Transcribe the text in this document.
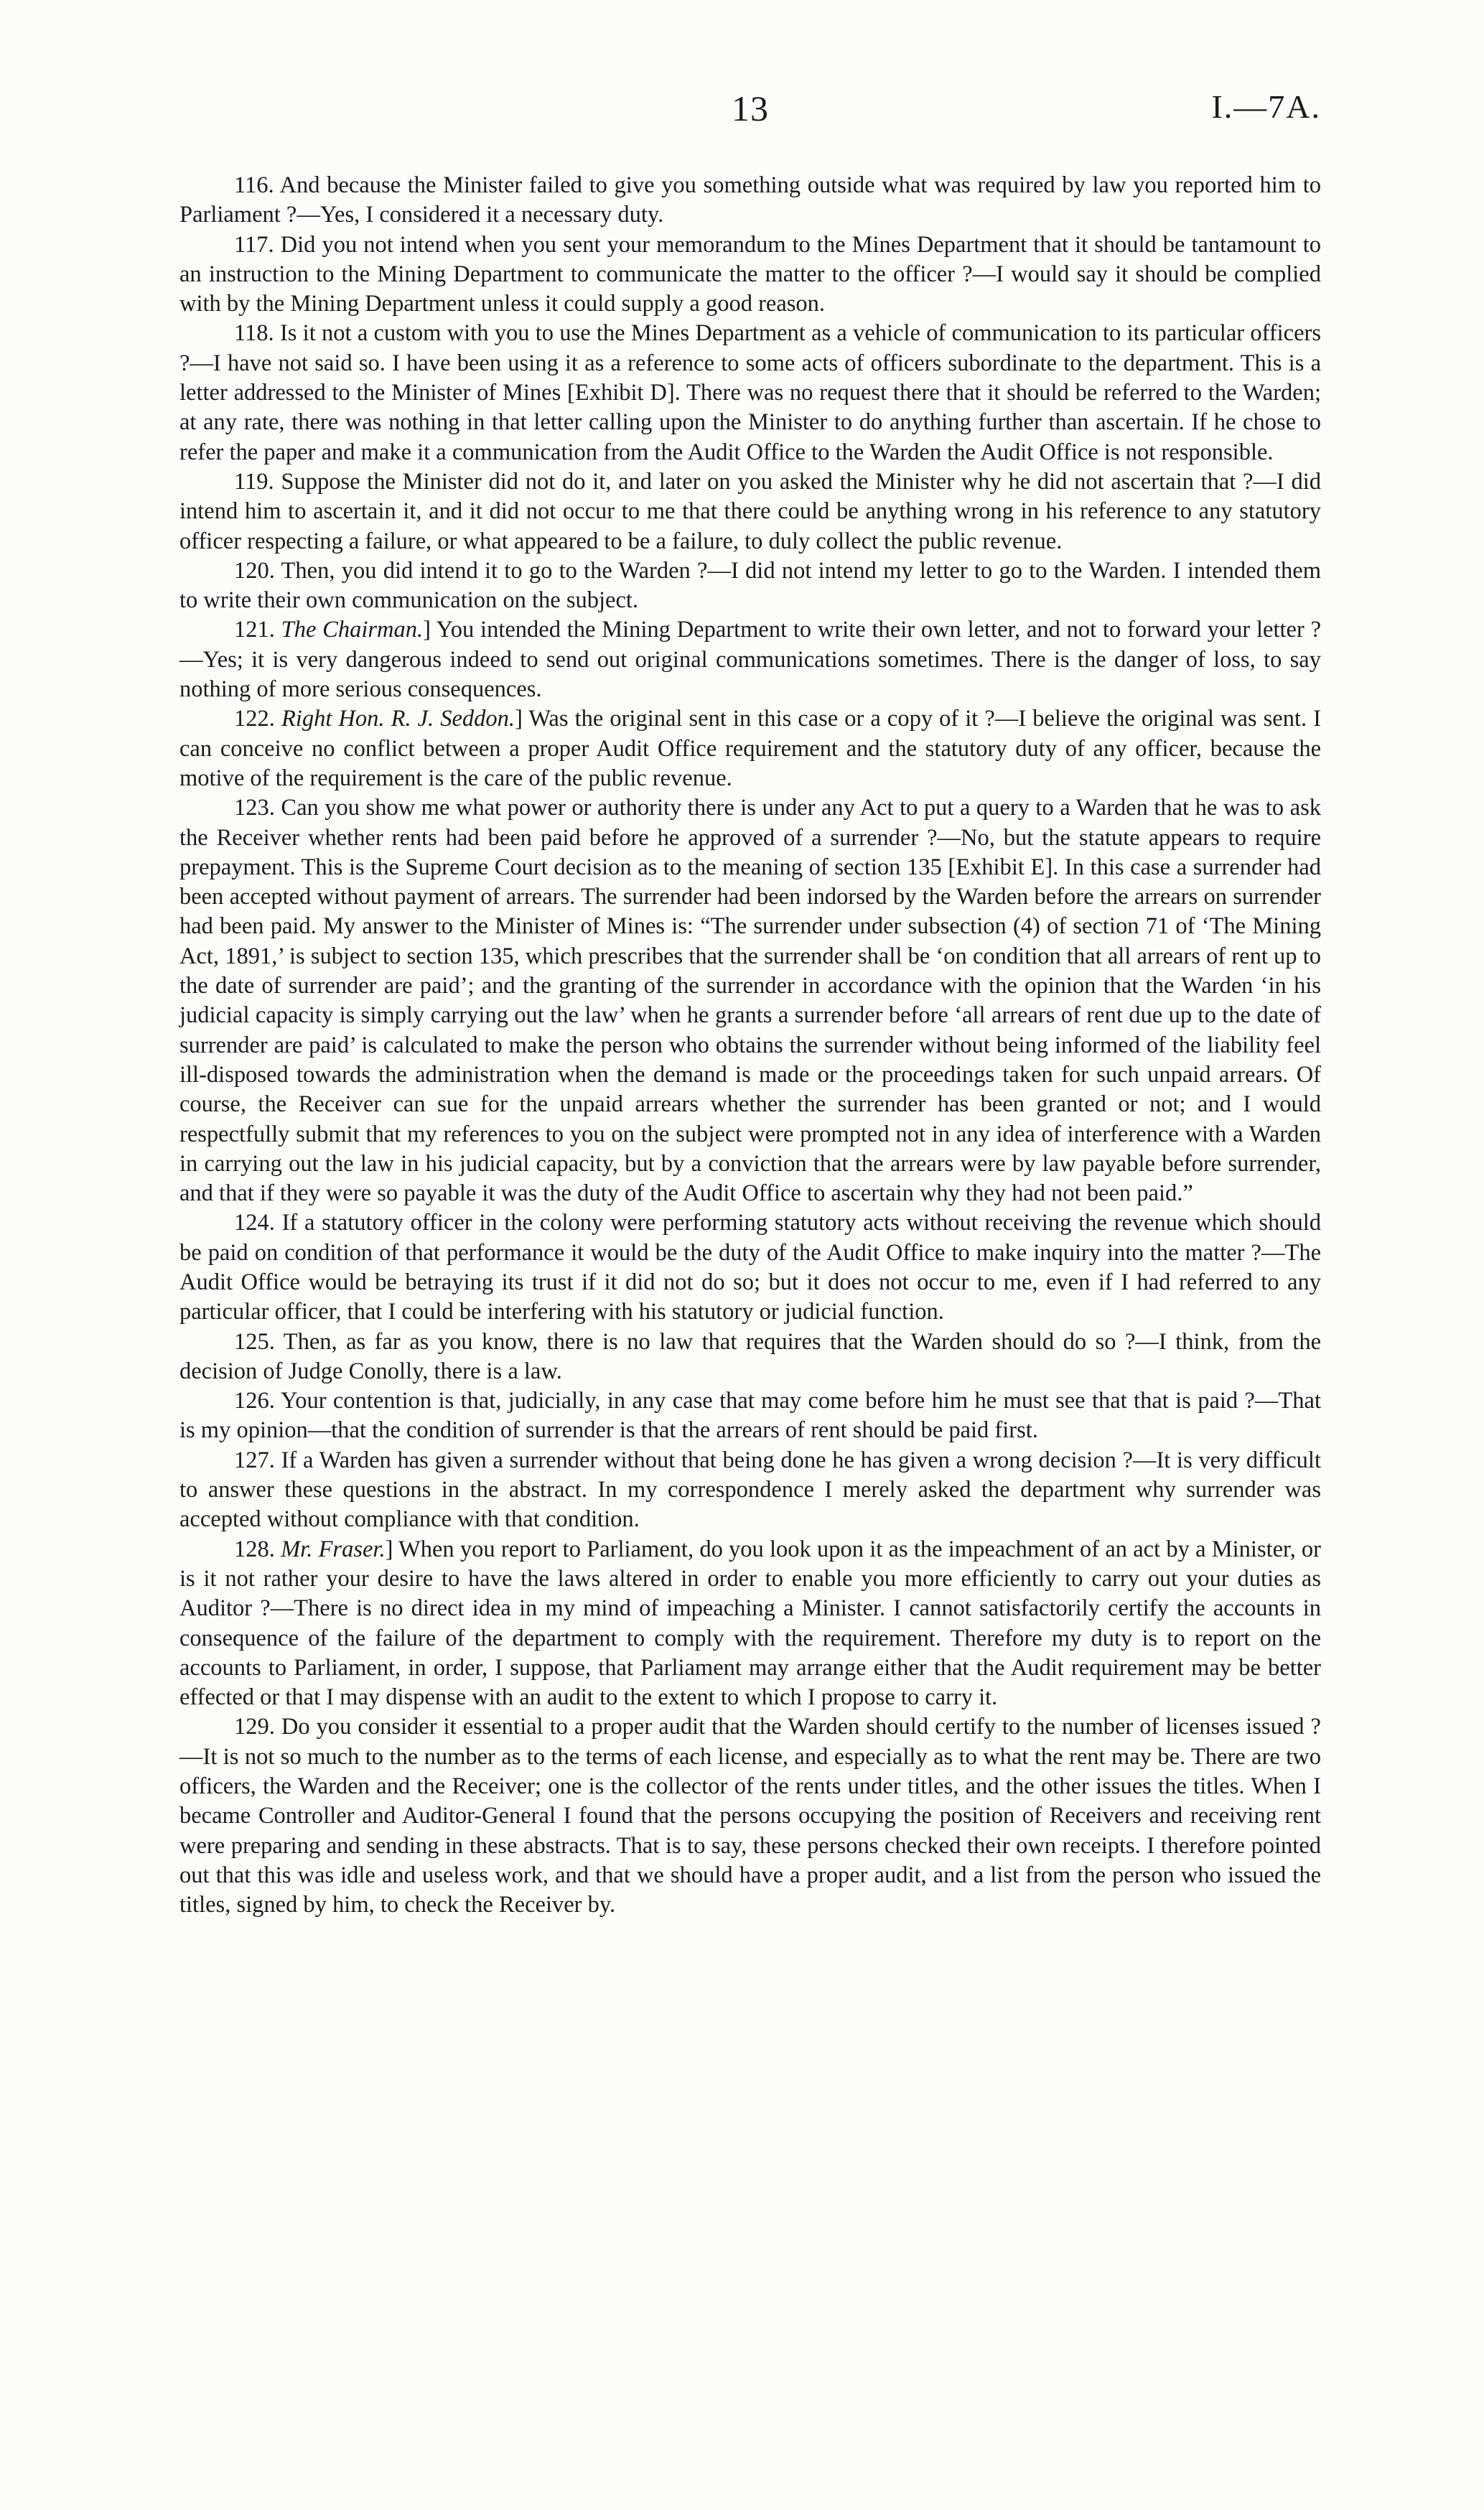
13	I.—7A.

116. And because the Minister failed to give you something outside what was required by law you reported him to Parliament ?—Yes, I considered it a necessary duty.

117. Did you not intend when you sent your memorandum to the Mines Department that it should be tantamount to an instruction to the Mining Department to communicate the matter to the officer ?—I would say it should be complied with by the Mining Department unless it could supply a good reason.

118. Is it not a custom with you to use the Mines Department as a vehicle of communication to its particular officers ?—I have not said so. I have been using it as a reference to some acts of officers subordinate to the department. This is a letter addressed to the Minister of Mines [Exhibit D]. There was no request there that it should be referred to the Warden; at any rate, there was nothing in that letter calling upon the Minister to do anything further than ascertain. If he chose to refer the paper and make it a communication from the Audit Office to the Warden the Audit Office is not responsible.

119. Suppose the Minister did not do it, and later on you asked the Minister why he did not ascertain that ?—I did intend him to ascertain it, and it did not occur to me that there could be anything wrong in his reference to any statutory officer respecting a failure, or what appeared to be a failure, to duly collect the public revenue.

120. Then, you did intend it to go to the Warden ?—I did not intend my letter to go to the Warden. I intended them to write their own communication on the subject.

121. The Chairman.] You intended the Mining Department to write their own letter, and not to forward your letter ?—Yes; it is very dangerous indeed to send out original communications sometimes. There is the danger of loss, to say nothing of more serious consequences.

122. Right Hon. R. J. Seddon.] Was the original sent in this case or a copy of it ?—I believe the original was sent. I can conceive no conflict between a proper Audit Office requirement and the statutory duty of any officer, because the motive of the requirement is the care of the public revenue.

123. Can you show me what power or authority there is under any Act to put a query to a Warden that he was to ask the Receiver whether rents had been paid before he approved of a surrender ?—No, but the statute appears to require prepayment. This is the Supreme Court decision as to the meaning of section 135 [Exhibit E]. In this case a surrender had been accepted without payment of arrears. The surrender had been indorsed by the Warden before the arrears on surrender had been paid. My answer to the Minister of Mines is: “The surrender under subsection (4) of section 71 of ‘The Mining Act, 1891,’ is subject to section 135, which prescribes that the surrender shall be ‘on condition that all arrears of rent up to the date of surrender are paid’; and the granting of the surrender in accordance with the opinion that the Warden ‘in his judicial capacity is simply carrying out the law’ when he grants a surrender before ‘all arrears of rent due up to the date of surrender are paid’ is calculated to make the person who obtains the surrender without being informed of the liability feel ill-disposed towards the administration when the demand is made or the proceedings taken for such unpaid arrears. Of course, the Receiver can sue for the unpaid arrears whether the surrender has been granted or not; and I would respectfully submit that my references to you on the subject were prompted not in any idea of interference with a Warden in carrying out the law in his judicial capacity, but by a conviction that the arrears were by law payable before surrender, and that if they were so payable it was the duty of the Audit Office to ascertain why they had not been paid.”

124. If a statutory officer in the colony were performing statutory acts without receiving the revenue which should be paid on condition of that performance it would be the duty of the Audit Office to make inquiry into the matter ?—The Audit Office would be betraying its trust if it did not do so; but it does not occur to me, even if I had referred to any particular officer, that I could be interfering with his statutory or judicial function.

125. Then, as far as you know, there is no law that requires that the Warden should do so ?—I think, from the decision of Judge Conolly, there is a law.

126. Your contention is that, judicially, in any case that may come before him he must see that that is paid ?—That is my opinion—that the condition of surrender is that the arrears of rent should be paid first.

127. If a Warden has given a surrender without that being done he has given a wrong decision ?—It is very difficult to answer these questions in the abstract. In my correspondence I merely asked the department why surrender was accepted without compliance with that condition.

128. Mr. Fraser.] When you report to Parliament, do you look upon it as the impeachment of an act by a Minister, or is it not rather your desire to have the laws altered in order to enable you more efficiently to carry out your duties as Auditor ?—There is no direct idea in my mind of impeaching a Minister. I cannot satisfactorily certify the accounts in consequence of the failure of the department to comply with the requirement. Therefore my duty is to report on the accounts to Parliament, in order, I suppose, that Parliament may arrange either that the Audit requirement may be better effected or that I may dispense with an audit to the extent to which I propose to carry it.

129. Do you consider it essential to a proper audit that the Warden should certify to the number of licenses issued ?—It is not so much to the number as to the terms of each license, and especially as to what the rent may be. There are two officers, the Warden and the Receiver; one is the collector of the rents under titles, and the other issues the titles. When I became Controller and Auditor-General I found that the persons occupying the position of Receivers and receiving rent were preparing and sending in these abstracts. That is to say, these persons checked their own receipts. I therefore pointed out that this was idle and useless work, and that we should have a proper audit, and a list from the person who issued the titles, signed by him, to check the Receiver by.
